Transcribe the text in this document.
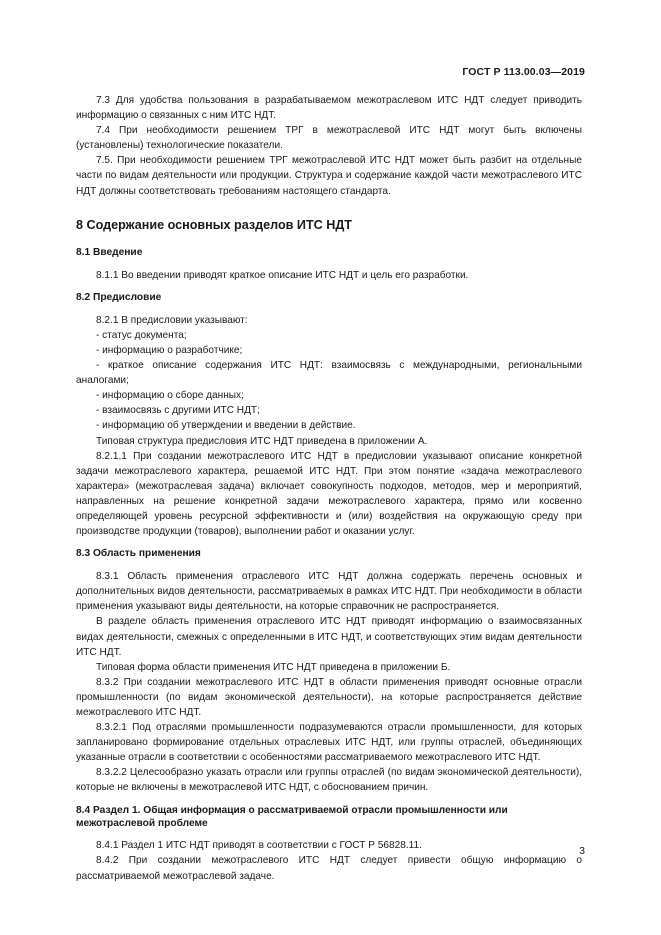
ГОСТ Р 113.00.03—2019
7.3 Для удобства пользования в разрабатываемом межотраслевом ИТС НДТ следует приводить информацию о связанных с ним ИТС НДТ.
7.4 При необходимости решением ТРГ в межотраслевой ИТС НДТ могут быть включены (установлены) технологические показатели.
7.5. При необходимости решением ТРГ межотраслевой ИТС НДТ может быть разбит на отдельные части по видам деятельности или продукции. Структура и содержание каждой части межотраслевого ИТС НДТ должны соответствовать требованиям настоящего стандарта.
8 Содержание основных разделов ИТС НДТ
8.1 Введение
8.1.1 Во введении приводят краткое описание ИТС НДТ и цель его разработки.
8.2 Предисловие
8.2.1 В предисловии указывают:
- статус документа;
- информацию о разработчике;
- краткое описание содержания ИТС НДТ: взаимосвязь с международными, региональными аналогами;
- информацию о сборе данных;
- взаимосвязь с другими ИТС НДТ;
- информацию об утверждении и введении в действие.
Типовая структура предисловия ИТС НДТ приведена в приложении А.
8.2.1.1 При создании межотраслевого ИТС НДТ в предисловии указывают описание конкретной задачи межотраслевого характера, решаемой ИТС НДТ. При этом понятие «задача межотраслевого характера» (межотраслевая задача) включает совокупность подходов, методов, мер и мероприятий, направленных на решение конкретной задачи межотраслевого характера, прямо или косвенно определяющей уровень ресурсной эффективности и (или) воздействия на окружающую среду при производстве продукции (товаров), выполнении работ и оказании услуг.
8.3 Область применения
8.3.1 Область применения отраслевого ИТС НДТ должна содержать перечень основных и дополнительных видов деятельности, рассматриваемых в рамках ИТС НДТ. При необходимости в области применения указывают виды деятельности, на которые справочник не распространяется.
В разделе область применения отраслевого ИТС НДТ приводят информацию о взаимосвязанных видах деятельности, смежных с определенными в ИТС НДТ, и соответствующих этим видам деятельности ИТС НДТ.
Типовая форма области применения ИТС НДТ приведена в приложении Б.
8.3.2 При создании межотраслевого ИТС НДТ в области применения приводят основные отрасли промышленности (по видам экономической деятельности), на которые распространяется действие межотраслевого ИТС НДТ.
8.3.2.1 Под отраслями промышленности подразумеваются отрасли промышленности, для которых запланировано формирование отдельных отраслевых ИТС НДТ, или группы отраслей, объединяющих указанные отрасли в соответствии с особенностями рассматриваемого межотраслевого ИТС НДТ.
8.3.2.2 Целесообразно указать отрасли или группы отраслей (по видам экономической деятельности), которые не включены в межотраслевой ИТС НДТ, с обоснованием причин.
8.4 Раздел 1. Общая информация о рассматриваемой отрасли промышленности или межотраслевой проблеме
8.4.1 Раздел 1 ИТС НДТ приводят в соответствии с ГОСТ Р 56828.11.
8.4.2 При создании межотраслевого ИТС НДТ следует привести общую информацию о рассматриваемой межотраслевой задаче.
3
